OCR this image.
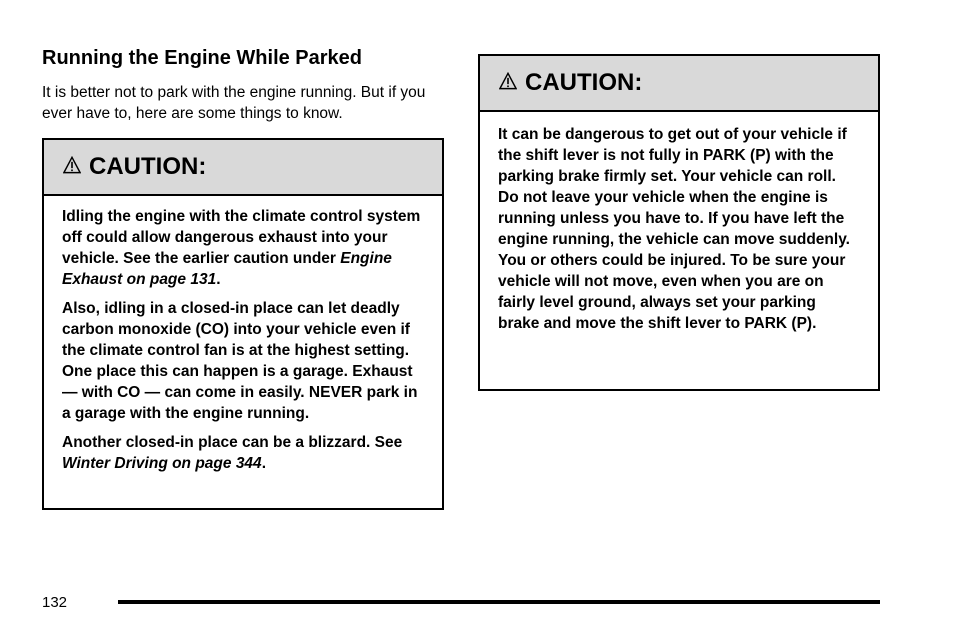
Running the Engine While Parked

It is better not to park with the engine running. But if you ever have to, here are some things to know.

CAUTION:

Idling the engine with the climate control system off could allow dangerous exhaust into your vehicle. See the earlier caution under Engine Exhaust on page 131.

Also, idling in a closed-in place can let deadly carbon monoxide (CO) into your vehicle even if the climate control fan is at the highest setting. One place this can happen is a garage. Exhaust — with CO — can come in easily. NEVER park in a garage with the engine running.

Another closed-in place can be a blizzard. See Winter Driving on page 344.

CAUTION:

It can be dangerous to get out of your vehicle if the shift lever is not fully in PARK (P) with the parking brake firmly set. Your vehicle can roll. Do not leave your vehicle when the engine is running unless you have to. If you have left the engine running, the vehicle can move suddenly. You or others could be injured. To be sure your vehicle will not move, even when you are on fairly level ground, always set your parking brake and move the shift lever to PARK (P).

132
